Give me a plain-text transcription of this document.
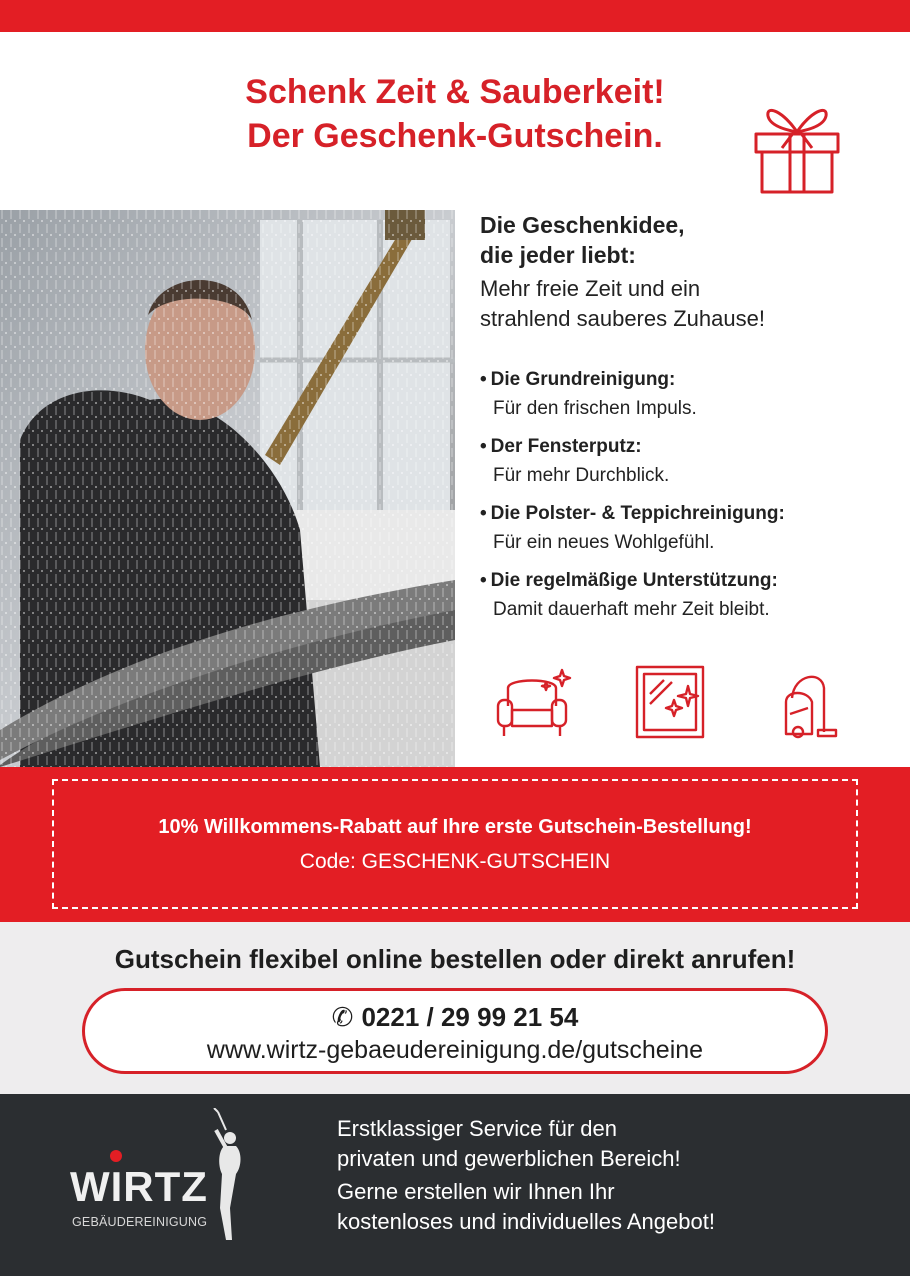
Schenk Zeit & Sauberkeit!
Der Geschenk-Gutschein.
Die Geschenkidee,
die jeder liebt:
Mehr freie Zeit und ein
strahlend sauberes Zuhause!
• Die Grundreinigung:
Für den frischen Impuls.
• Der Fensterputz:
Für mehr Durchblick.
• Die Polster- & Teppichreinigung:
Für ein neues Wohlgefühl.
• Die regelmäßige Unterstützung:
Damit dauerhaft mehr Zeit bleibt.
10% Willkommens-Rabatt auf Ihre erste Gutschein-Bestellung!
Code: GESCHENK-GUTSCHEIN
Gutschein flexibel online bestellen oder direkt anrufen!
✆ 0221 / 29 99 21 54
www.wirtz-gebaeudereinigung.de/gutscheine
WIRTZ
GEBÄUDEREINIGUNG
Erstklassiger Service für den
privaten und gewerblichen Bereich!
Gerne erstellen wir Ihnen Ihr
kostenloses und individuelles Angebot!
